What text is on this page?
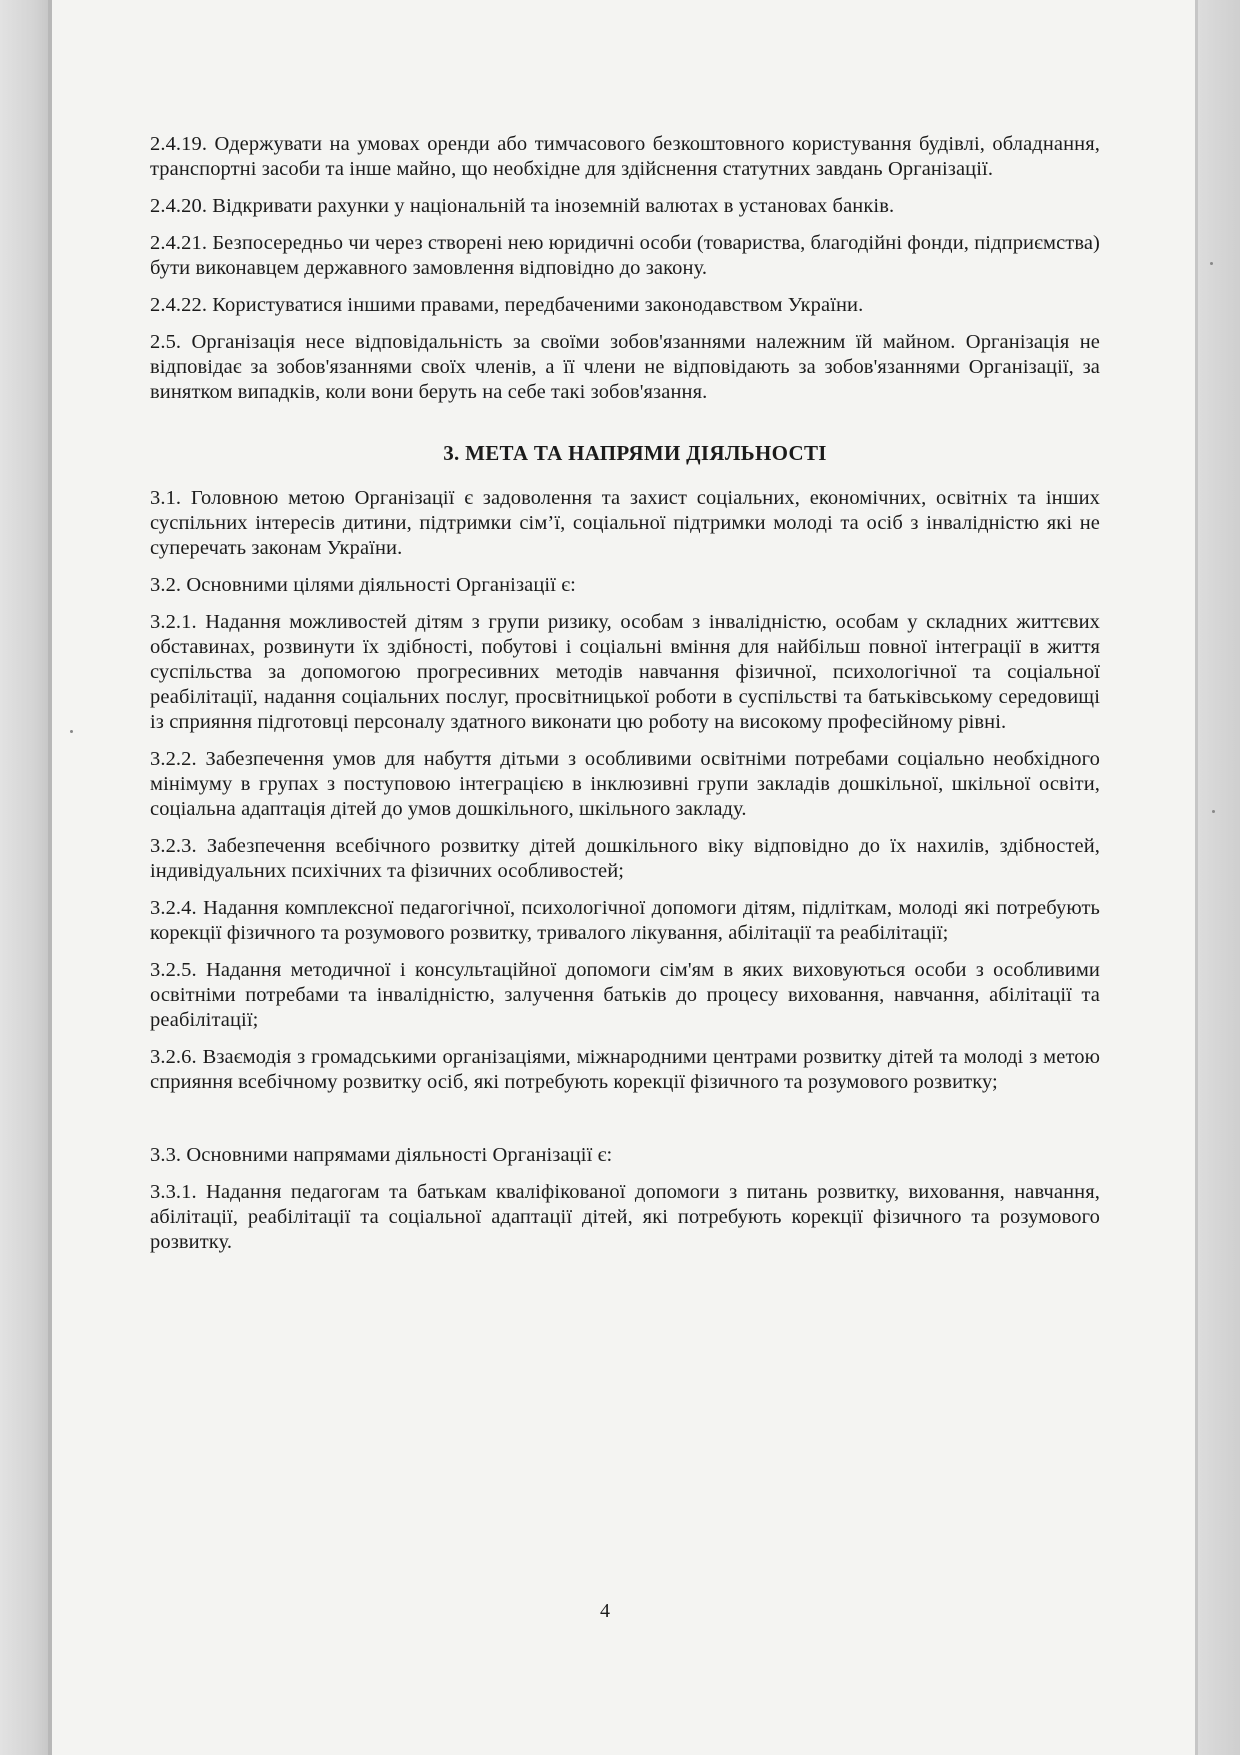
2.4.19. Одержувати на умовах оренди або тимчасового безкоштовного користування будівлі, обладнання, транспортні засоби та інше майно, що необхідне для здійснення статутних завдань Організації.

2.4.20. Відкривати рахунки у національній та іноземній валютах в установах банків.

2.4.21. Безпосередньо чи через створені нею юридичні особи (товариства, благодійні фонди, підприємства) бути виконавцем державного замовлення відповідно до закону.

2.4.22. Користуватися іншими правами, передбаченими законодавством України.

2.5. Організація несе відповідальність за своїми зобов'язаннями належним їй майном. Організація не відповідає за зобов'язаннями своїх членів, а її члени не відповідають за зобов'язаннями Організації, за винятком випадків, коли вони беруть на себе такі зобов'язання.

3. МЕТА ТА НАПРЯМИ ДІЯЛЬНОСТІ

3.1. Головною метою Організації є задоволення та захист соціальних, економічних, освітніх та інших суспільних інтересів дитини, підтримки сім’ї, соціальної підтримки молоді та осіб з інвалідністю які не суперечать законам України.

3.2. Основними цілями діяльності Організації є:

3.2.1. Надання можливостей дітям з групи ризику, особам з інвалідністю, особам у складних життєвих обставинах, розвинути їх здібності, побутові і соціальні вміння для найбільш повної інтеграції в життя суспільства за допомогою прогресивних методів навчання фізичної, психологічної та соціальної реабілітації, надання соціальних послуг, просвітницької роботи в суспільстві та батьківському середовищі із сприяння підготовці персоналу здатного виконати цю роботу на високому професійному рівні.

3.2.2. Забезпечення умов для набуття дітьми з особливими освітніми потребами соціально необхідного мінімуму в групах з поступовою інтеграцією в інклюзивні групи закладів дошкільної, шкільної освіти, соціальна адаптація дітей до умов дошкільного, шкільного закладу.

3.2.3. Забезпечення всебічного розвитку дітей дошкільного віку відповідно до їх нахилів, здібностей, індивідуальних психічних та фізичних особливостей;

3.2.4. Надання комплексної педагогічної, психологічної допомоги дітям, підліткам, молоді які потребують корекції фізичного та розумового розвитку, тривалого лікування, абілітації та реабілітації;

3.2.5. Надання методичної і консультаційної допомоги сім'ям в яких виховуються особи з особливими освітніми потребами та інвалідністю, залучення батьків до процесу виховання, навчання, абілітації та реабілітації;

3.2.6. Взаємодія з громадськими організаціями, міжнародними центрами розвитку дітей та молоді з метою сприяння всебічному розвитку осіб, які потребують корекції фізичного та розумового розвитку;

3.3. Основними напрямами діяльності Організації є:

3.3.1. Надання педагогам та батькам кваліфікованої допомоги з питань розвитку, виховання, навчання, абілітації, реабілітації та соціальної адаптації дітей, які потребують корекції фізичного та розумового розвитку.

4
